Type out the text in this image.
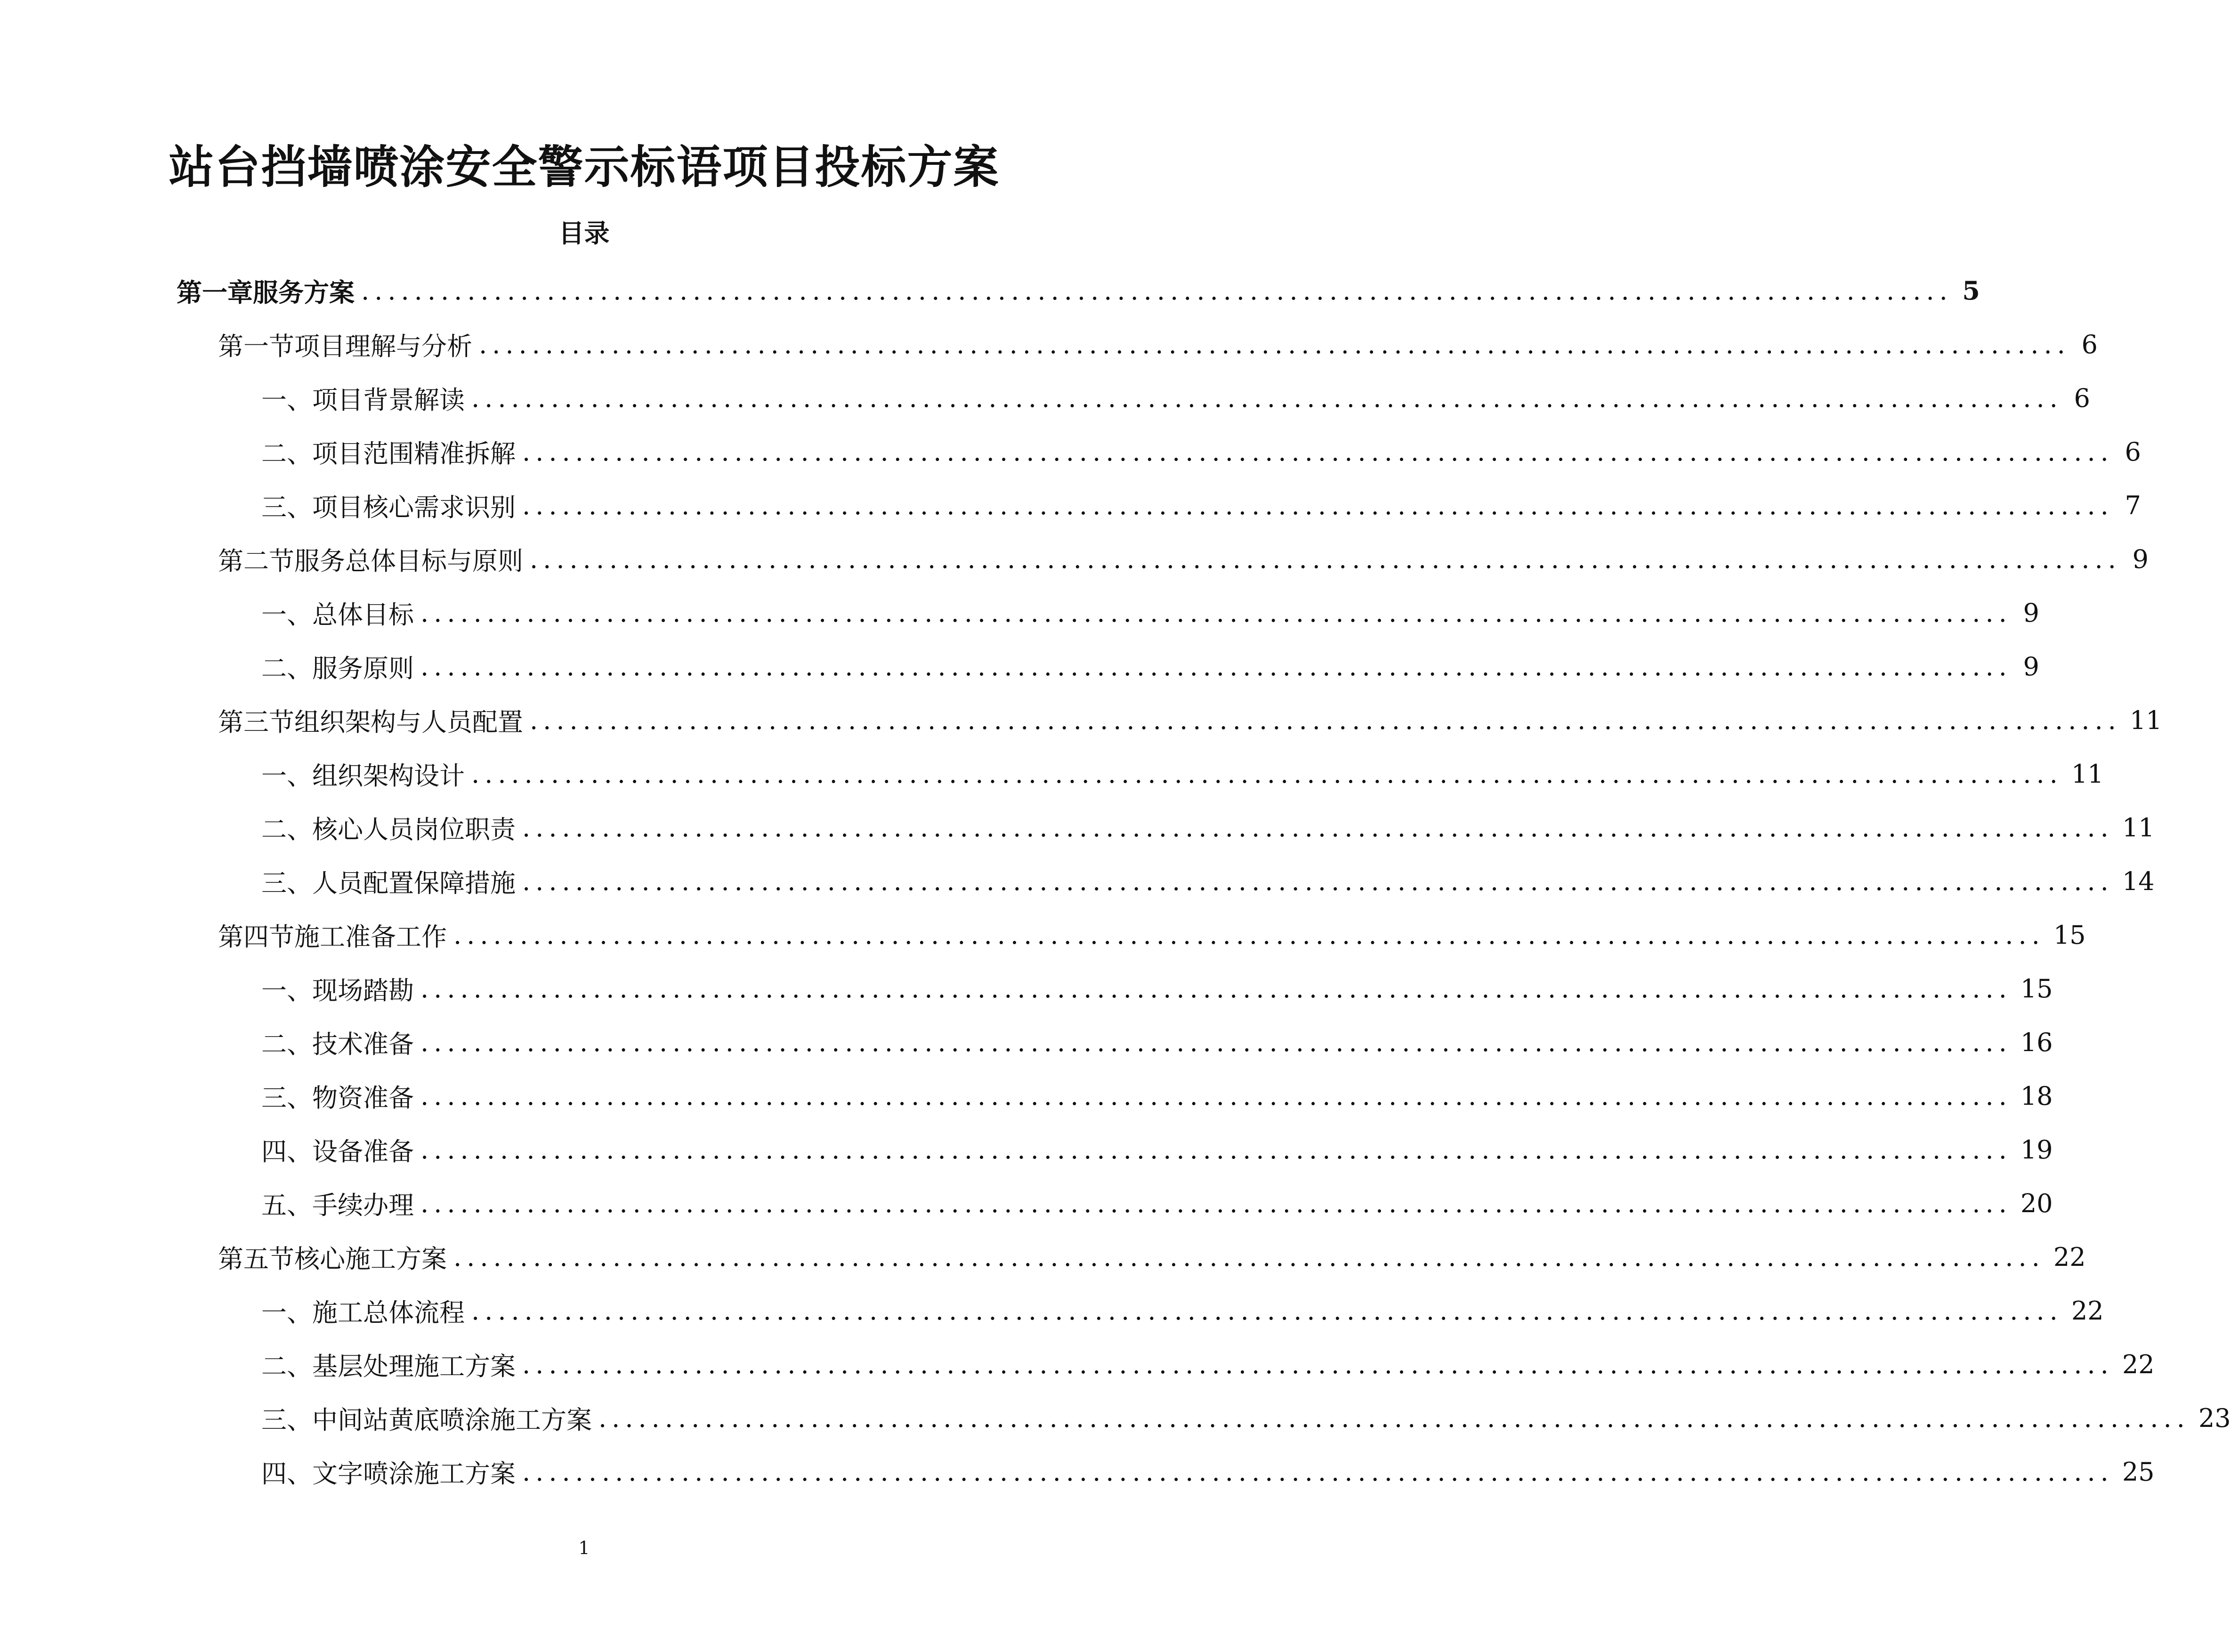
站台挡墙喷涂安全警示标语项目投标方案
目录
第一章 服务方案 ........................................................................................................................ 5
第一节 项目理解与分析 ........................................................................................................................ 6
一、 项目背景解读 ........................................................................................................................ 6
二、 项目范围精准拆解 ........................................................................................................................ 6
三、 项目核心需求识别 ........................................................................................................................ 7
第二节 服务总体目标与原则 ........................................................................................................................ 9
一、 总体目标 ........................................................................................................................ 9
二、 服务原则 ........................................................................................................................ 9
第三节 组织架构与人员配置 ........................................................................................................................ 11
一、 组织架构设计 ........................................................................................................................ 11
二、 核心人员岗位职责 ........................................................................................................................ 11
三、 人员配置保障措施 ........................................................................................................................ 14
第四节 施工准备工作 ........................................................................................................................ 15
一、 现场踏勘 ........................................................................................................................ 15
二、 技术准备 ........................................................................................................................ 16
三、 物资准备 ........................................................................................................................ 18
四、 设备准备 ........................................................................................................................ 19
五、 手续办理 ........................................................................................................................ 20
第五节 核心施工方案 ........................................................................................................................ 22
一、 施工总体流程 ........................................................................................................................ 22
二、 基层处理施工方案 ........................................................................................................................ 22
三、 中间站黄底喷涂施工方案 ........................................................................................................................ 23
四、 文字喷涂施工方案 ........................................................................................................................ 25
1
